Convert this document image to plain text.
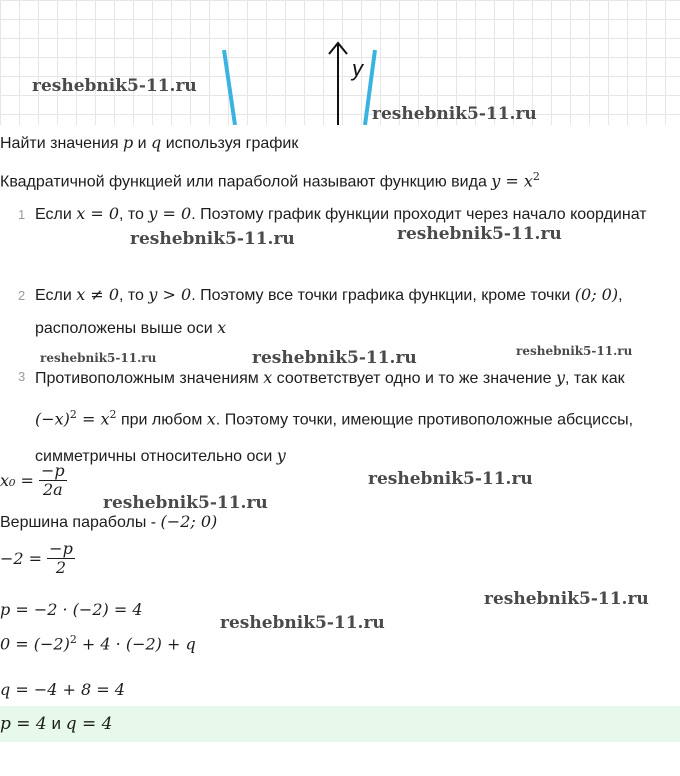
y
reshebnik5-11.ru
reshebnik5-11.ru
reshebnik5-11.ru	reshebnik5-11.ru
reshebnik5-11.ru	reshebnik5-11.ru	reshebnik5-11.ru
reshebnik5-11.ru
reshebnik5-11.ru
reshebnik5-11.ru
reshebnik5-11.ru
Найти значения p и q используя график
Квадратичной функцией или параболой называют функцию вида $y = x^2$
1 Если x = 0, то y = 0. Поэтому график функции проходит через начало координат
2 Если x ≠ 0, то y > 0. Поэтому все точки графика функции, кроме точки (0; 0), расположены выше оси x
3 Противоположным значениям x соответствует одно и то же значение y, так как $(-x)^2 = x^2$ при любом x. Поэтому точки, имеющие противоположные абсциссы, симметричны относительно оси y
$x_0 = \frac{-p}{2a}$
Вершина параболы - (−2; 0)
$-2 = \frac{-p}{2}$
p = −2 · (−2) = 4
$0 = (-2)^2 + 4 \cdot (-2) + q$
q = −4 + 8 = 4
p = 4 и q = 4
